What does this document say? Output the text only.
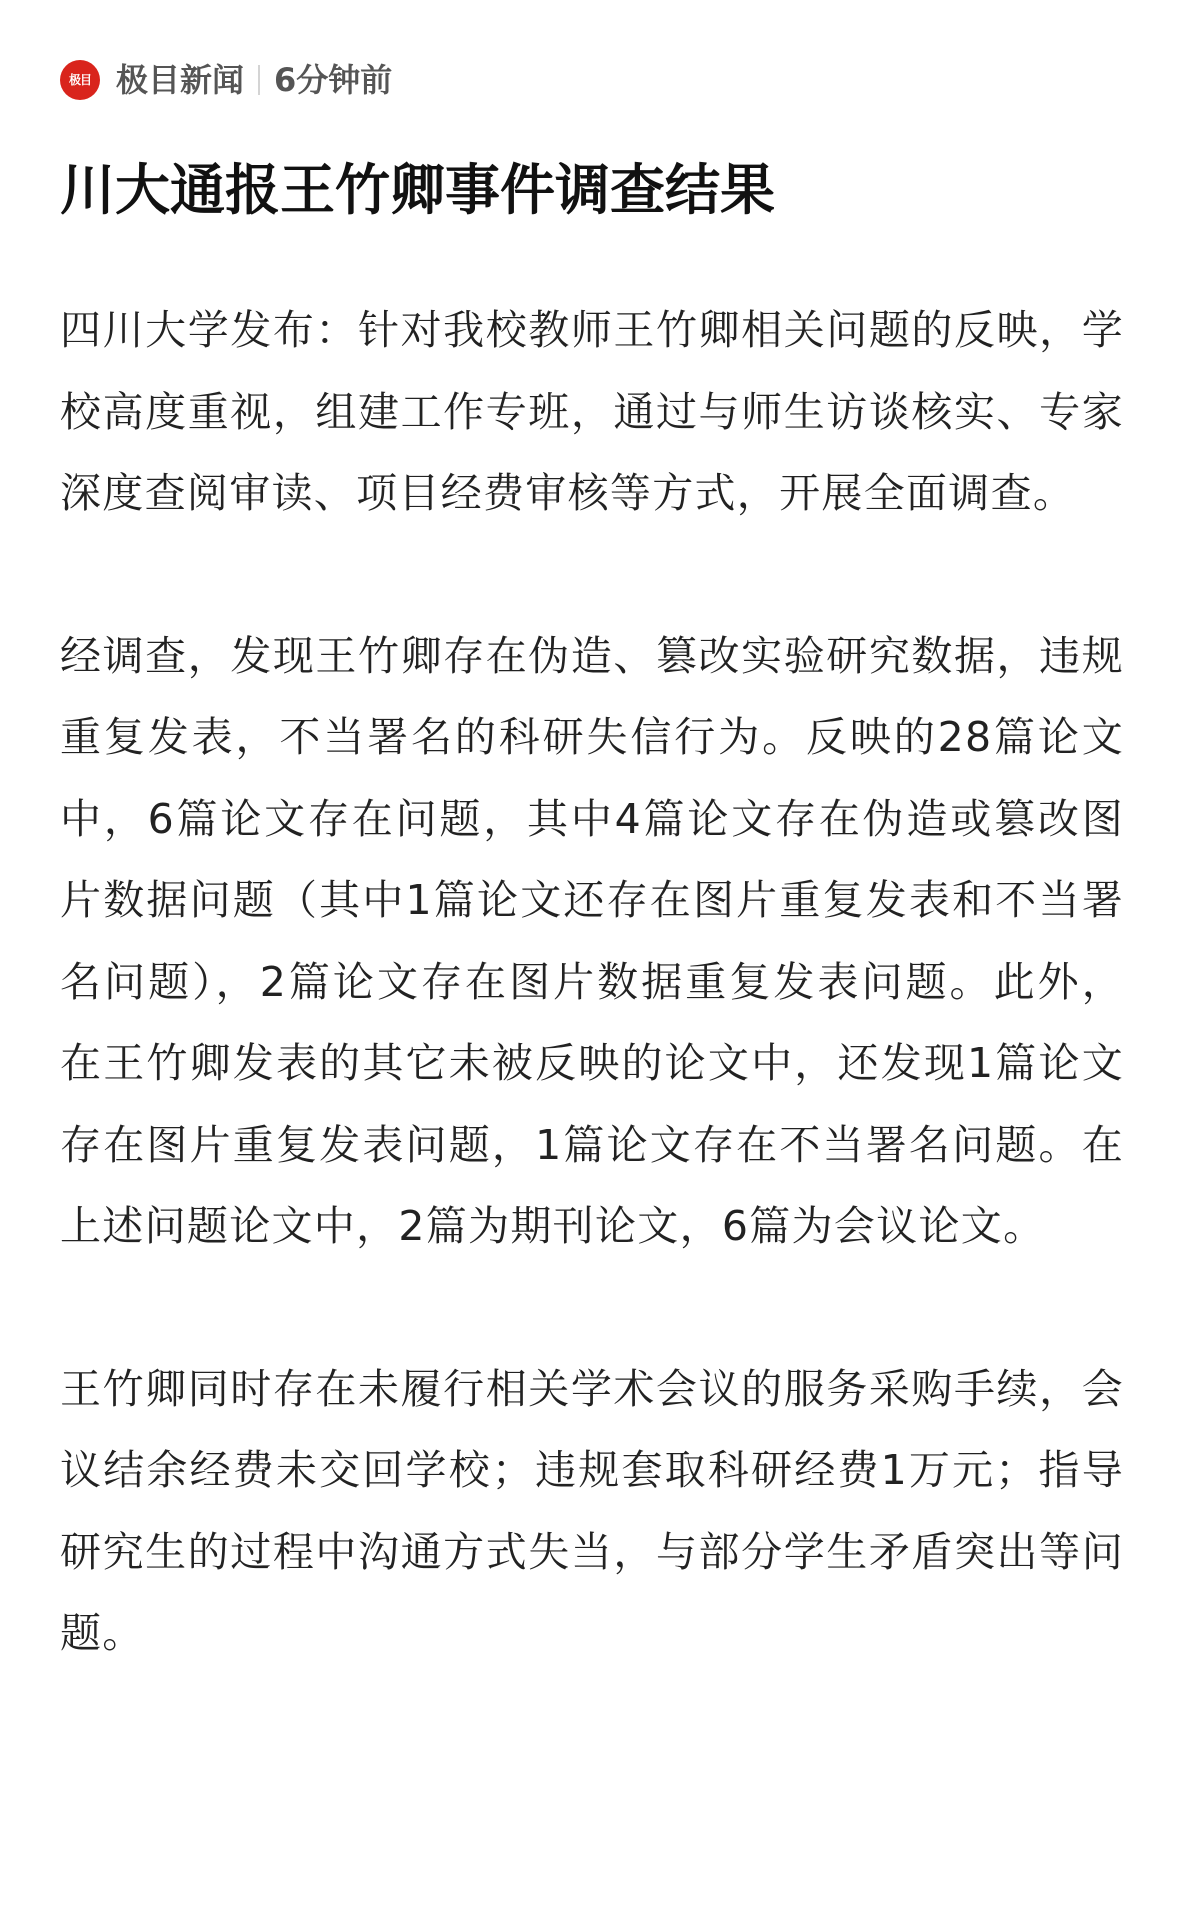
极目 极目新闻 6分钟前
川大通报王竹卿事件调查结果

四川大学发布：针对我校教师王竹卿相关问题的反映，学校高度重视，组建工作专班，通过与师生访谈核实、专家深度查阅审读、项目经费审核等方式，开展全面调查。

经调查，发现王竹卿存在伪造、篡改实验研究数据，违规重复发表，不当署名的科研失信行为。反映的28篇论文中，6篇论文存在问题，其中4篇论文存在伪造或篡改图片数据问题（其中1篇论文还存在图片重复发表和不当署名问题），2篇论文存在图片数据重复发表问题。此外，在王竹卿发表的其它未被反映的论文中，还发现1篇论文存在图片重复发表问题，1篇论文存在不当署名问题。在上述问题论文中，2篇为期刊论文，6篇为会议论文。

王竹卿同时存在未履行相关学术会议的服务采购手续，会议结余经费未交回学校；违规套取科研经费1万元；指导研究生的过程中沟通方式失当，与部分学生矛盾突出等问题。
